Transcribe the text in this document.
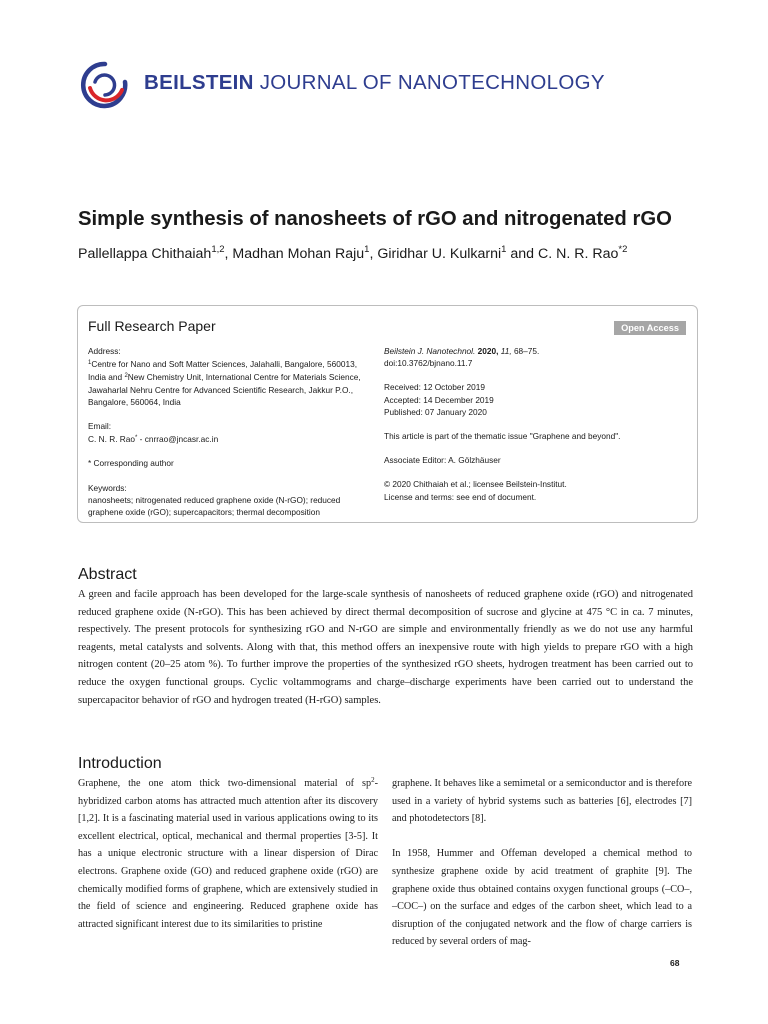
BEILSTEIN JOURNAL OF NANOTECHNOLOGY
Simple synthesis of nanosheets of rGO and nitrogenated rGO
Pallellappa Chithaiah$^{1,2}$, Madhan Mohan Raju$^1$, Giridhar U. Kulkarni$^1$ and C. N. R. Rao$^{*2}$
Full Research Paper	Open Access
Address:
$^1$Centre for Nano and Soft Matter Sciences, Jalahalli, Bangalore, 560013, India and $^2$New Chemistry Unit, International Centre for Materials Science, Jawaharlal Nehru Centre for Advanced Scientific Research, Jakkur P.O., Bangalore, 560064, India
Email:
C. N. R. Rao* - cnrrao@jncasr.ac.in
* Corresponding author
Keywords:
nanosheets; nitrogenated reduced graphene oxide (N-rGO); reduced graphene oxide (rGO); supercapacitors; thermal decomposition
Beilstein J. Nanotechnol. 2020, 11, 68–75.
doi:10.3762/bjnano.11.7
Received: 12 October 2019
Accepted: 14 December 2019
Published: 07 January 2020
This article is part of the thematic issue "Graphene and beyond".
Associate Editor: A. Gölzhäuser
© 2020 Chithaiah et al.; licensee Beilstein-Institut.
License and terms: see end of document.
Abstract
A green and facile approach has been developed for the large-scale synthesis of nanosheets of reduced graphene oxide (rGO) and nitrogenated reduced graphene oxide (N-rGO). This has been achieved by direct thermal decomposition of sucrose and glycine at 475 °C in ca. 7 minutes, respectively. The present protocols for synthesizing rGO and N-rGO are simple and environmentally friendly as we do not use any harmful reagents, metal catalysts and solvents. Along with that, this method offers an inexpensive route with high yields to prepare rGO with a high nitrogen content (20–25 atom %). To further improve the properties of the synthesized rGO sheets, hydrogen treatment has been carried out to reduce the oxygen functional groups. Cyclic voltammograms and charge–discharge experiments have been carried out to understand the supercapacitor behavior of rGO and hydrogen treated (H-rGO) samples.
Introduction

Graphene, the one atom thick two-dimensional material of $sp^2$-hybridized carbon atoms has attracted much attention after its discovery [1,2]. It is a fascinating material used in various applications owing to its excellent electrical, optical, mechanical and thermal properties [3-5]. It has a unique electronic structure with a linear dispersion of Dirac electrons. Graphene oxide (GO) and reduced graphene oxide (rGO) are chemically modified forms of graphene, which are extensively studied in the field of science and engineering. Reduced graphene oxide has attracted significant interest due to its similarities to pristine

graphene. It behaves like a semimetal or a semiconductor and is therefore used in a variety of hybrid systems such as batteries [6], electrodes [7] and photodetectors [8].

In 1958, Hummer and Offeman developed a chemical method to synthesize graphene oxide by acid treatment of graphite [9]. The graphene oxide thus obtained contains oxygen functional groups (–CO–, –COC–) on the surface and edges of the carbon sheet, which lead to a disruption of the conjugated network and the flow of charge carriers is reduced by several orders of mag-

68
